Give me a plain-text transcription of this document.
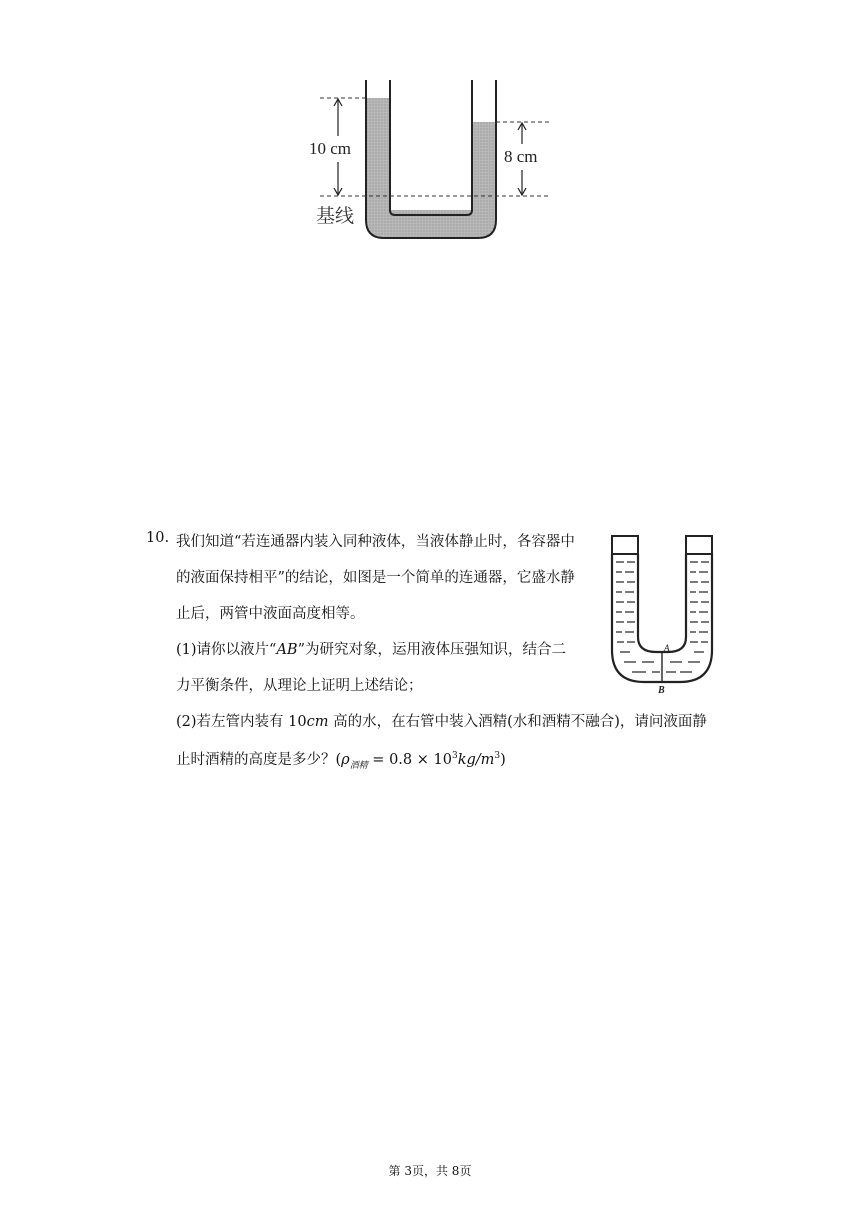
10 cm	8 cm
基线
10. 我们知道“若连通器内装入同种液体，当液体静止时，各容器中
的液面保持相平”的结论，如图是一个简单的连通器，它盛水静
止后，两管中液面高度相等。
(1)请你以液片“AB”为研究对象，运用液体压强知识，结合二
力平衡条件，从理论上证明上述结论；
(2)若左管内装有 10cm 高的水，在右管中装入酒精(水和酒精不融合)，请问液面静
止时酒精的高度是多少？$(\rho_{酒精} = 0.8 \times 10^3kg/m^3)$
A
B
第 3页，共 8页
